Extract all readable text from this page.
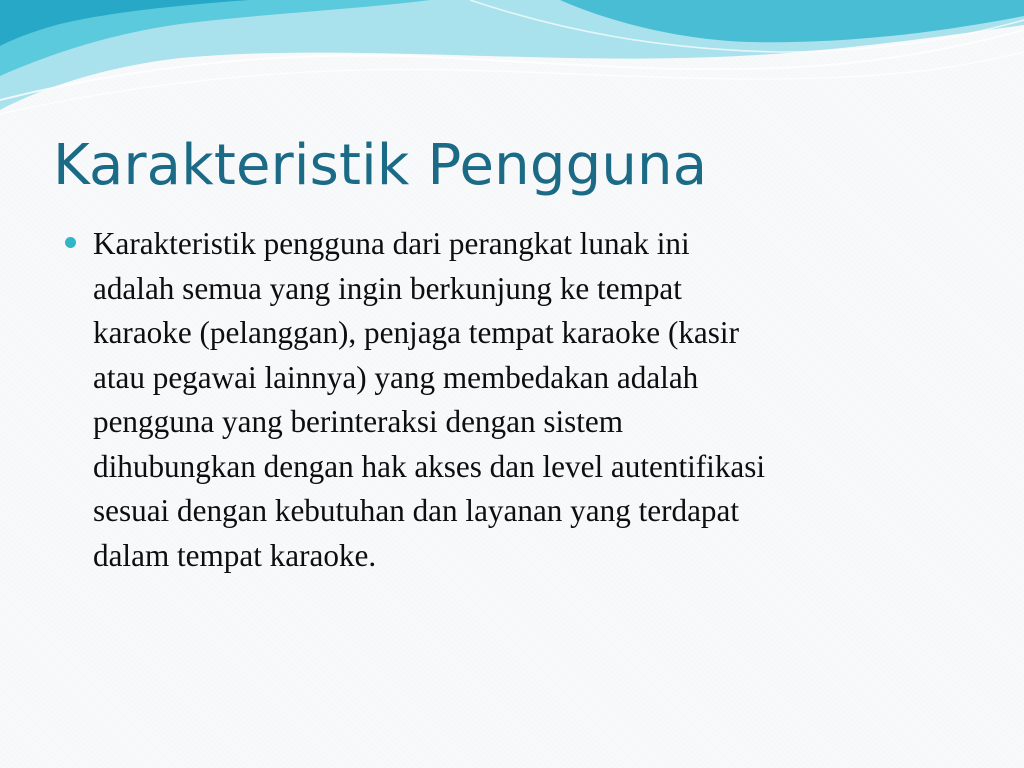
Karakteristik Pengguna

Karakteristik pengguna dari perangkat lunak ini
adalah semua yang ingin berkunjung ke tempat
karaoke (pelanggan), penjaga tempat karaoke (kasir
atau pegawai lainnya) yang membedakan adalah
pengguna yang berinteraksi dengan sistem
dihubungkan dengan hak akses dan level autentifikasi
sesuai dengan kebutuhan dan layanan yang terdapat
dalam tempat karaoke.
